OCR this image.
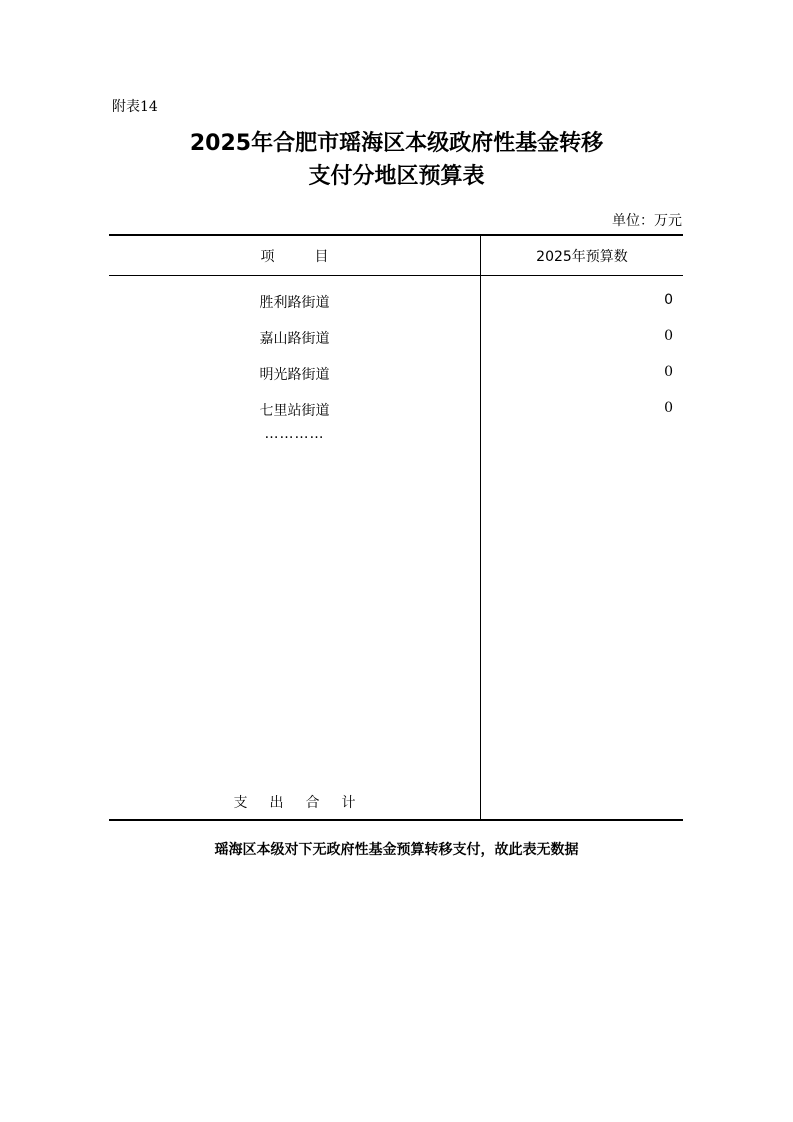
附表14
2025年合肥市瑶海区本级政府性基金转移
支付分地区预算表
单位：万元
项目	2025年预算数
胜利路街道	0
嘉山路街道	0
明光路街道	0
七里站街道	0
…………
支出合计
瑶海区本级对下无政府性基金预算转移支付，故此表无数据
